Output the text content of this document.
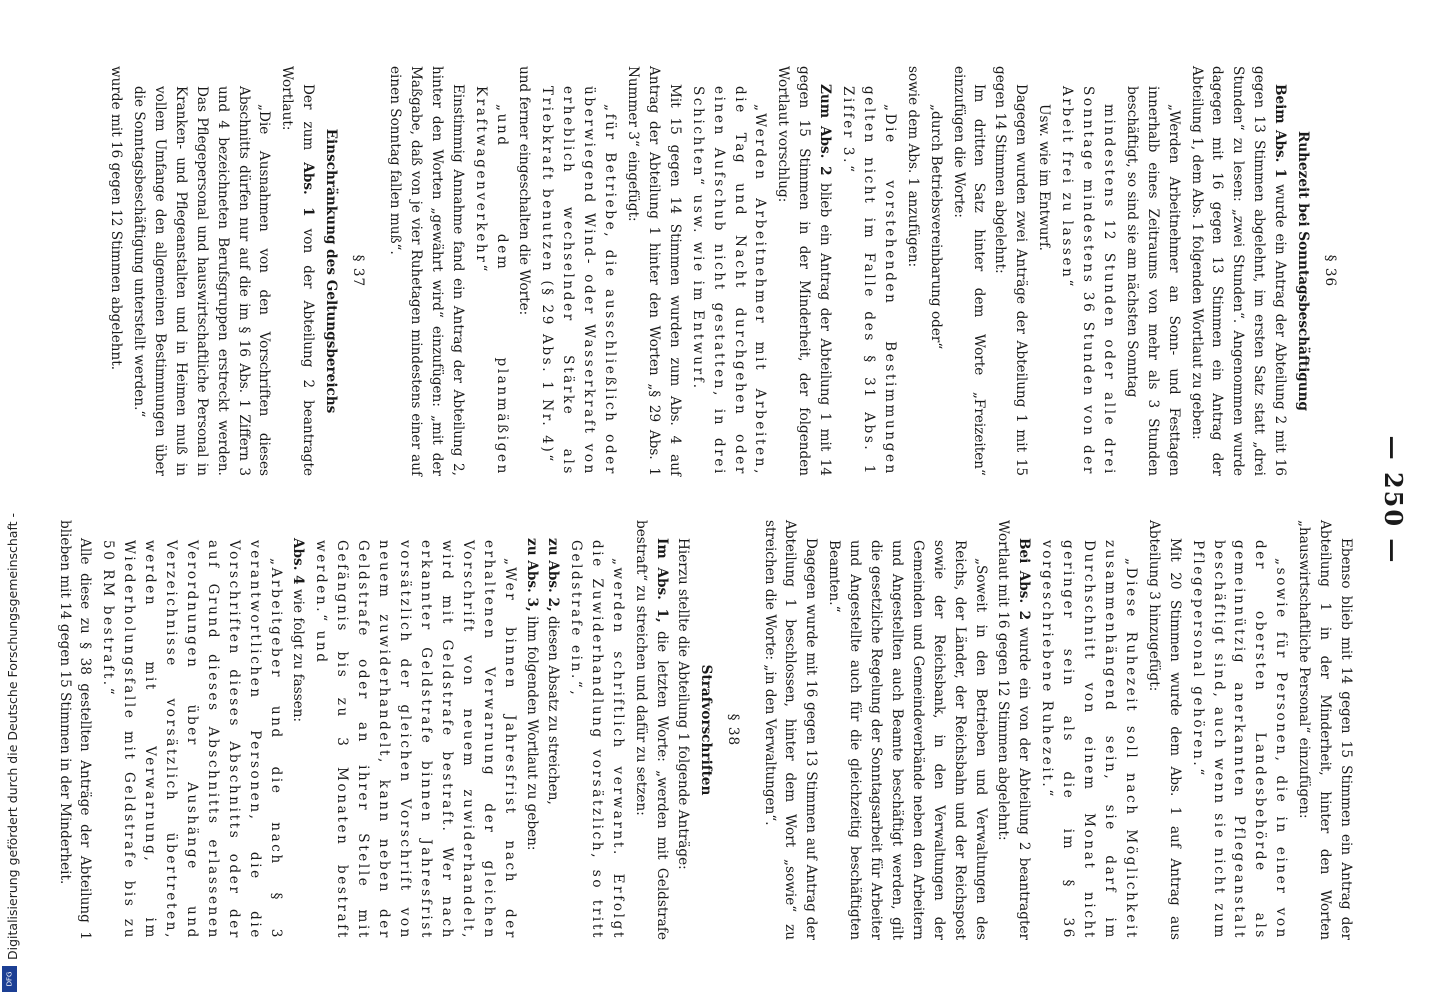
— 250 —
§ 36
Ruhezeit bei Sonntagsbeschäftigung

Beim Abs. 1 wurde ein Antrag der Abteilung 2 mit 16 gegen 13 Stimmen abgelehnt, im ersten Satz statt „drei Stunden“ zu lesen: „zwei Stunden“. Angenommen wurde dagegen mit 16 gegen 13 Stimmen ein Antrag der Abteilung 1, dem Abs. 1 folgenden Wortlaut zu geben:

„Werden Arbeitnehmer an Sonn- und Festtagen innerhalb eines Zeitraums von mehr als 3 Stunden beschäftigt, so sind sie am nächsten Sonntag

mindestens 12 Stunden oder alle drei Sonntage mindestens 36 Stunden von der Arbeit frei zu lassen“

Usw. wie im Entwurf.

Dagegen wurden zwei Anträge der Abteilung 1 mit 15 gegen 14 Stimmen abgelehnt:

Im dritten Satz hinter dem Worte „Freizeiten“ einzufügen die Worte:

„durch Betriebsvereinbarung oder“

sowie dem Abs. 1 anzufügen:

„Die vorstehenden Bestimmungen gelten nicht im Falle des § 31 Abs. 1 Ziffer 3.“

Zum Abs. 2 blieb ein Antrag der Abteilung 1 mit 14 gegen 15 Stimmen in der Minderheit, der folgenden Wortlaut vorschlug:

„Werden Arbeitnehmer mit Arbeiten, die Tag und Nacht durchgehen oder einen Aufschub nicht gestatten, in drei Schichten“ usw. wie im Entwurf.

Mit 15 gegen 14 Stimmen wurden zum Abs. 4 auf Antrag der Abteilung 1 hinter den Worten „§ 29 Abs. 1 Nummer 3“ eingefügt:

„für Betriebe, die ausschließlich oder überwiegend Wind- oder Wasserkraft von erheblich wechselnder Stärke als Triebkraft benutzen (§ 29 Abs. 1 Nr. 4)“

und ferner eingeschalten die Worte:

„und dem planmäßigen Kraftwagenverkehr“

Einstimmig Annahme fand ein Antrag der Abteilung 2, hinter den Worten „gewährt wird“ einzufügen: „mit der Maßgabe, daß von je vier Ruhetagen mindestens einer auf einen Sonntag fallen muß“.

§ 37
Einschränkung des Geltungsbereichs

Der zum Abs. 1 von der Abteilung 2 beantragte Wortlaut:

„Die Ausnahmen von den Vorschriften dieses Abschnitts dürfen nur auf die im § 16 Abs. 1 Ziffern 3 und 4 bezeichneten Berufsgruppen erstreckt werden. Das Pflegepersonal und hauswirtschaftliche Personal in Kranken- und Pflegeanstalten und in Heimen muß in vollem Umfange den allgemeinen Bestimmungen über die Sonntagsbeschäftigung unterstellt werden.“

wurde mit 16 gegen 12 Stimmen abgelehnt.

Ebenso blieb mit 14 gegen 15 Stimmen ein Antrag der Abteilung 1 in der Minderheit, hinter den Worten „hauswirtschaftliche Personal“ einzufügen:

„sowie für Personen, die in einer von der obersten Landesbehörde als gemeinnützig anerkannten Pflegeanstalt beschäftigt sind, auch wenn sie nicht zum Pflegepersonal gehören.“

Mit 20 Stimmen wurde dem Abs. 1 auf Antrag aus Abteilung 3 hinzugefügt:

„Diese Ruhezeit soll nach Möglichkeit zusammenhängend sein, sie darf im Durchschnitt von einem Monat nicht geringer sein als die im § 36 vorgeschriebene Ruhezeit.“

Bei Abs. 2 wurde ein von der Abteilung 2 beantragter Wortlaut mit 16 gegen 12 Stimmen abgelehnt:

„Soweit in den Betrieben und Verwaltungen des Reichs, der Länder, der Reichsbahn und der Reichspost sowie der Reichsbank, in den Verwaltungen der Gemeinden und Gemeindeverbände neben den Arbeitern und Angestellten auch Beamte beschäftigt werden, gilt die gesetzliche Regelung der Sonntagsarbeit für Arbeiter und Angestellte auch für die gleichzeitig beschäftigten Beamten.“

Dagegen wurde mit 16 gegen 13 Stimmen auf Antrag der Abteilung 1 beschlossen, hinter dem Wort „sowie“ zu streichen die Worte: „in den Verwaltungen“.

§ 38
Strafvorschriften

Hierzu stellte die Abteilung 1 folgende Anträge:

Im Abs. 1, die letzten Worte: „werden mit Geldstrafe bestraft“ zu streichen und dafür zu setzen:

„werden schriftlich verwarnt. Erfolgt die Zuwiderhandlung vorsätzlich, so tritt Geldstrafe ein.“,

zu Abs. 2, diesen Absatz zu streichen,

zu Abs. 3, ihm folgenden Wortlaut zu geben:

„Wer binnen Jahresfrist nach der erhaltenen Verwarnung der gleichen Vorschrift von neuem zuwiderhandelt, wird mit Geldstrafe bestraft. Wer nach erkannter Geldstrafe binnen Jahresfrist vorsätzlich der gleichen Vorschrift von neuem zuwiderhandelt, kann neben der Geldstrafe oder an ihrer Stelle mit Gefängnis bis zu 3 Monaten bestraft werden.“ und

Abs. 4 wie folgt zu fassen:

„Arbeitgeber und die nach § 3 verantwortlichen Personen, die die Vorschriften dieses Abschnitts oder der auf Grund dieses Abschnitts erlassenen Verordnungen über Aushänge und Verzeichnisse vorsätzlich übertreten, werden mit Verwarnung, im Wiederholungsfalle mit Geldstrafe bis zu 50 RM bestraft.“

Alle diese zu § 38 gestellten Anträge der Abteilung 1 blieben mit 14 gegen 15 Stimmen in der Minderheit.

Digitalisierung gefördert durch die Deutsche Forschungsgemeinschaft -
DFG
